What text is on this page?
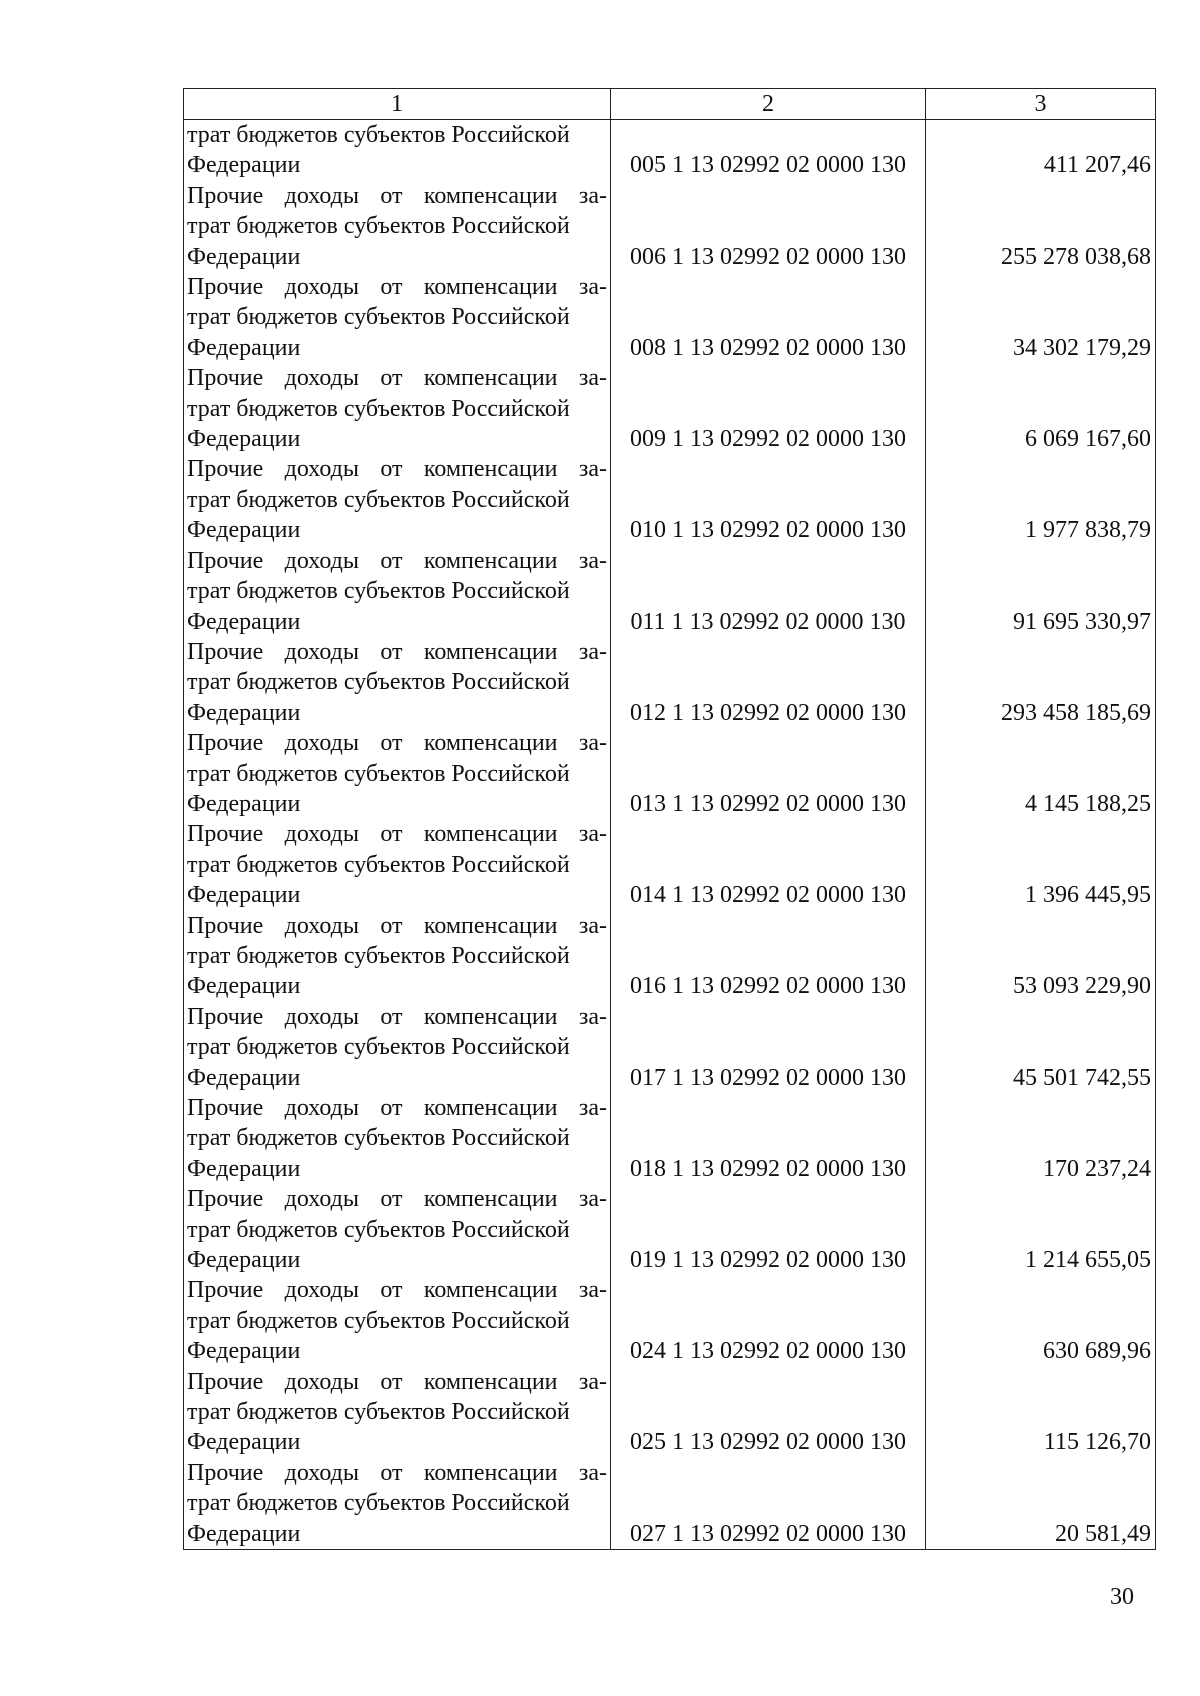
1	2	3

трат бюджетов субъектов Российской
Федерации	005 1 13 02992 02 0000 130	411 207,46

Прочие доходы от компенсации за-
трат бюджетов субъектов Российской
Федерации	006 1 13 02992 02 0000 130	255 278 038,68

Прочие доходы от компенсации за-
трат бюджетов субъектов Российской
Федерации	008 1 13 02992 02 0000 130	34 302 179,29

Прочие доходы от компенсации за-
трат бюджетов субъектов Российской
Федерации	009 1 13 02992 02 0000 130	6 069 167,60

Прочие доходы от компенсации за-
трат бюджетов субъектов Российской
Федерации	010 1 13 02992 02 0000 130	1 977 838,79

Прочие доходы от компенсации за-
трат бюджетов субъектов Российской
Федерации	011 1 13 02992 02 0000 130	91 695 330,97

Прочие доходы от компенсации за-
трат бюджетов субъектов Российской
Федерации	012 1 13 02992 02 0000 130	293 458 185,69

Прочие доходы от компенсации за-
трат бюджетов субъектов Российской
Федерации	013 1 13 02992 02 0000 130	4 145 188,25

Прочие доходы от компенсации за-
трат бюджетов субъектов Российской
Федерации	014 1 13 02992 02 0000 130	1 396 445,95

Прочие доходы от компенсации за-
трат бюджетов субъектов Российской
Федерации	016 1 13 02992 02 0000 130	53 093 229,90

Прочие доходы от компенсации за-
трат бюджетов субъектов Российской
Федерации	017 1 13 02992 02 0000 130	45 501 742,55

Прочие доходы от компенсации за-
трат бюджетов субъектов Российской
Федерации	018 1 13 02992 02 0000 130	170 237,24

Прочие доходы от компенсации за-
трат бюджетов субъектов Российской
Федерации	019 1 13 02992 02 0000 130	1 214 655,05

Прочие доходы от компенсации за-
трат бюджетов субъектов Российской
Федерации	024 1 13 02992 02 0000 130	630 689,96

Прочие доходы от компенсации за-
трат бюджетов субъектов Российской
Федерации	025 1 13 02992 02 0000 130	115 126,70

Прочие доходы от компенсации за-
трат бюджетов субъектов Российской
Федерации	027 1 13 02992 02 0000 130	20 581,49
30
